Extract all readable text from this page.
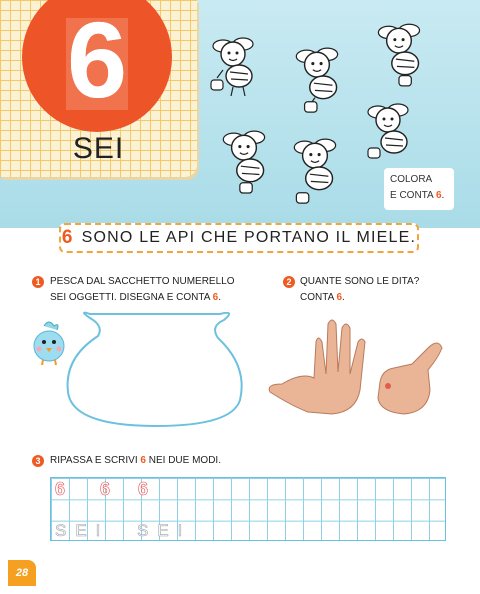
6
SEI
COLORA
E CONTA 6.
6 SONO LE API CHE PORTANO IL MIELE.
1 PESCA DAL SACCHETTO NUMERELLO
SEI OGGETTI. DISEGNA E CONTA 6.
2 QUANTE SONO LE DITA?
CONTA 6.
3 RIPASSA E SCRIVI 6 NEI DUE MODI.
6 6 6
SEI SEI
28
